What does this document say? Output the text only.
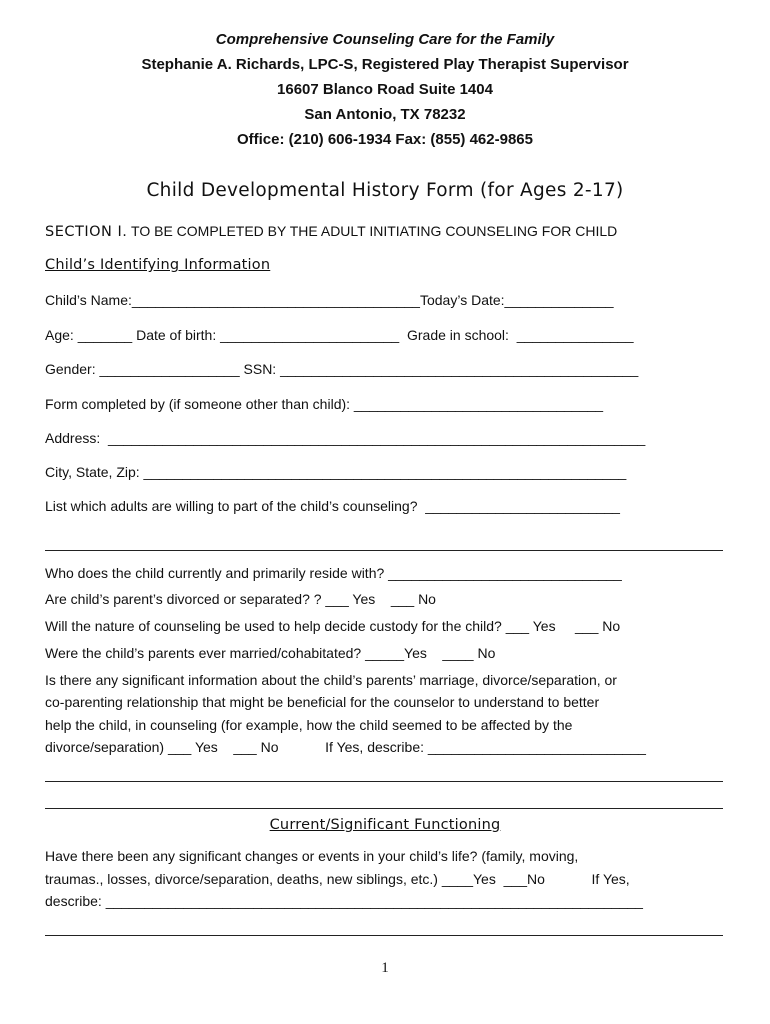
Comprehensive Counseling Care for the Family
Stephanie A. Richards, LPC-S, Registered Play Therapist Supervisor
16607 Blanco Road Suite 1404
San Antonio, TX 78232
Office: (210) 606-1934 Fax: (855) 462-9865
Child Developmental History Form (for Ages 2-17)
SECTION I. TO BE COMPLETED BY THE ADULT INITIATING COUNSELING FOR CHILD
Child’s Identifying Information
Child’s Name:_____________________________________Today’s Date:______________
Age: _______ Date of birth: _______________________  Grade in school:  _______________
Gender: __________________ SSN: ______________________________________________
Form completed by (if someone other than child): ________________________________
Address:  _____________________________________________________________________
City, State, Zip: ______________________________________________________________
List which adults are willing to part of the child’s counseling?  _________________________
Who does the child currently and primarily reside with? ______________________________
Are child’s parent’s divorced or separated? ? ___ Yes    ___ No
Will the nature of counseling be used to help decide custody for the child? ___ Yes     ___ No
Were the child’s parents ever married/cohabitated? _____Yes    ____ No
Is there any significant information about the child’s parents’ marriage, divorce/separation, or
co-parenting relationship that might be beneficial for the counselor to understand to better
help the child, in counseling (for example, how the child seemed to be affected by the
divorce/separation) ___ Yes    ___ No            If Yes, describe: ____________________________
Current/Significant Functioning
Have there been any significant changes or events in your child’s life? (family, moving,
traumas., losses, divorce/separation, deaths, new siblings, etc.) ____Yes  ___No            If Yes,
describe: _____________________________________________________________________
1
